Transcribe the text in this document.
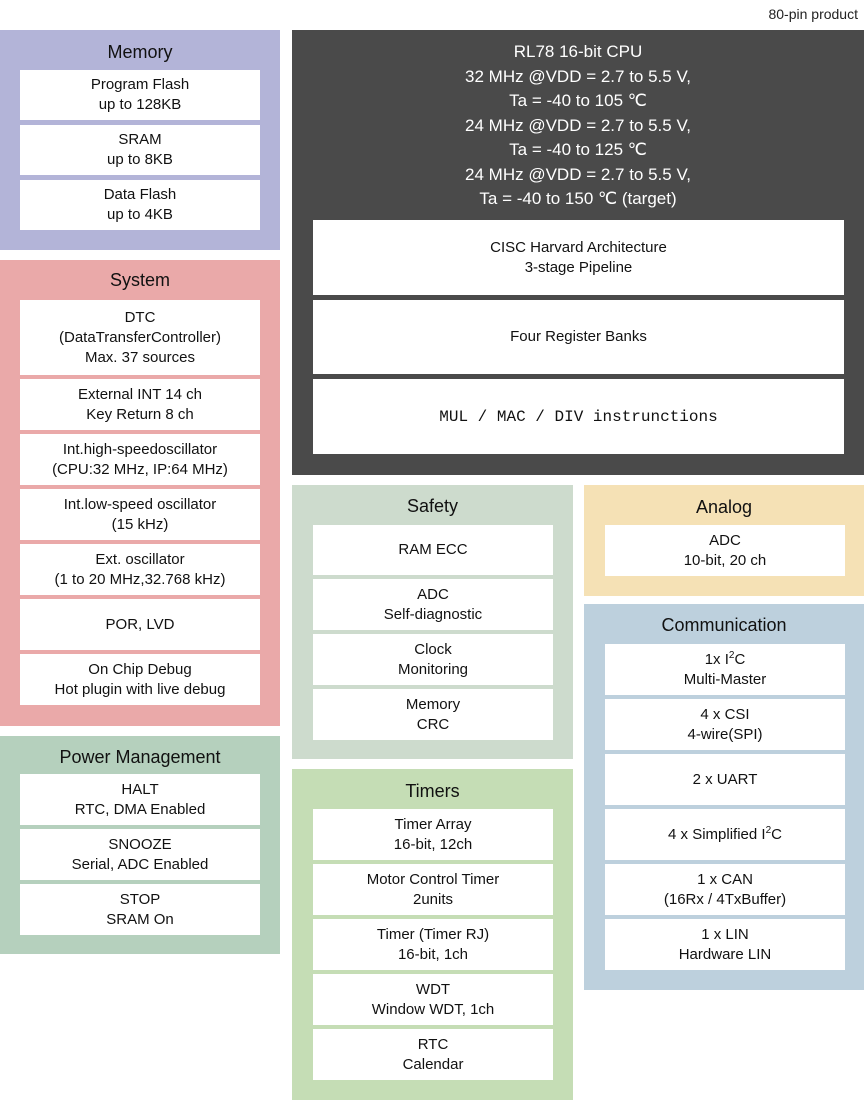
80-pin product
Memory
Program Flash
up to 128KB
SRAM
up to 8KB
Data Flash
up to 4KB
System
DTC
(DataTransferController)
Max. 37 sources
External INT 14 ch
Key Return 8 ch
Int.high-speedoscillator
(CPU:32 MHz, IP:64 MHz)
Int.low-speed oscillator
(15 kHz)
Ext. oscillator
(1 to 20 MHz,32.768 kHz)
POR, LVD
On Chip Debug
Hot plugin with live debug
Power Management
HALT
RTC, DMA Enabled
SNOOZE
Serial, ADC Enabled
STOP
SRAM On
RL78 16-bit CPU
32 MHz @VDD = 2.7 to 5.5 V,
Ta = -40 to 105 ℃
24 MHz @VDD = 2.7 to 5.5 V,
Ta = -40 to 125 ℃
24 MHz @VDD = 2.7 to 5.5 V,
Ta = -40 to 150 ℃ (target)
CISC Harvard Architecture
3-stage Pipeline
Four Register Banks
MUL / MAC / DIV instrunctions
Safety
RAM ECC
ADC
Self-diagnostic
Clock
Monitoring
Memory
CRC
Timers
Timer Array
16-bit, 12ch
Motor Control Timer
2units
Timer (Timer RJ)
16-bit, 1ch
WDT
Window WDT, 1ch
RTC
Calendar
Analog
ADC
10-bit, 20 ch
Communication
1x $I^2C$
Multi-Master
4 x CSI
4-wire(SPI)
2 x UART
4 x Simplified $I^2C$
1 x CAN
(16Rx / 4TxBuffer)
1 x LIN
Hardware LIN
